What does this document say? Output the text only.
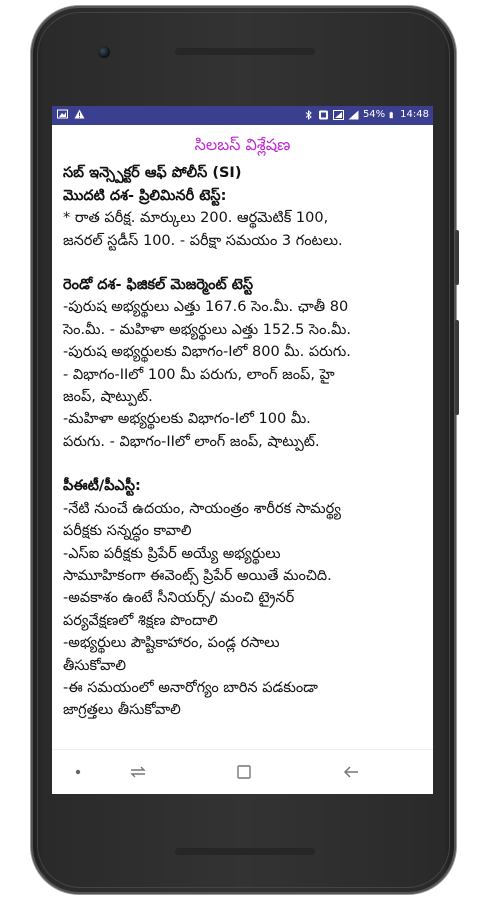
54% 14:48
సిలబస్ విశ్లేషణ
సబ్ ఇన్స్పెక్టర్ ఆఫ్ పోలీస్ (SI)
మొదటి దశ- ప్రిలిమినరీ టెస్ట్:
* రాత పరీక్ష. మార్కులు 200. ఆర్థమెటిక్ 100,
జనరల్ స్టడీస్ 100. - పరీక్షా సమయం 3 గంటలు.
రెండో దశ- ఫిజికల్ మెజర్మెంట్ టెస్ట్
-పురుష అభ్యర్థులు ఎత్తు 167.6 సెం.మీ. ఛాతీ 80
సెం.మీ. - మహిళా అభ్యర్థులు ఎత్తు 152.5 సెం.మీ.
-పురుష అభ్యర్థులకు విభాగం-Iలో 800 మీ. పరుగు.
- విభాగం-IIలో 100 మీ పరుగు, లాంగ్ జంప్, హై
జంప్, షాట్పుట్.
-మహిళా అభ్యర్థులకు విభాగం-Iలో 100 మీ.
పరుగు. - విభాగం-IIలో లాంగ్ జంప్, షాట్పుట్.
పీఈటీ/పీఎస్టీ:
-నేటి నుంచే ఉదయం, సాయంత్రం శారీరక సామర్థ్య
పరీక్షకు సన్నద్ధం కావాలి
-ఎస్ఐ పరీక్షకు ప్రిపేర్ అయ్యే అభ్యర్థులు
సామూహికంగా ఈవెంట్స్ ప్రిపేర్ అయితే మంచిది.
-అవకాశం ఉంటే సీనియర్స్/ మంచి ట్రైనర్
పర్యవేక్షణలో శిక్షణ పొందాలి
-అభ్యర్థులు పౌష్టికాహారం, పండ్ల రసాలు
తీసుకోవాలి
-ఈ సమయంలో అనారోగ్యం బారిన పడకుండా
జాగ్రత్తలు తీసుకోవాలి
